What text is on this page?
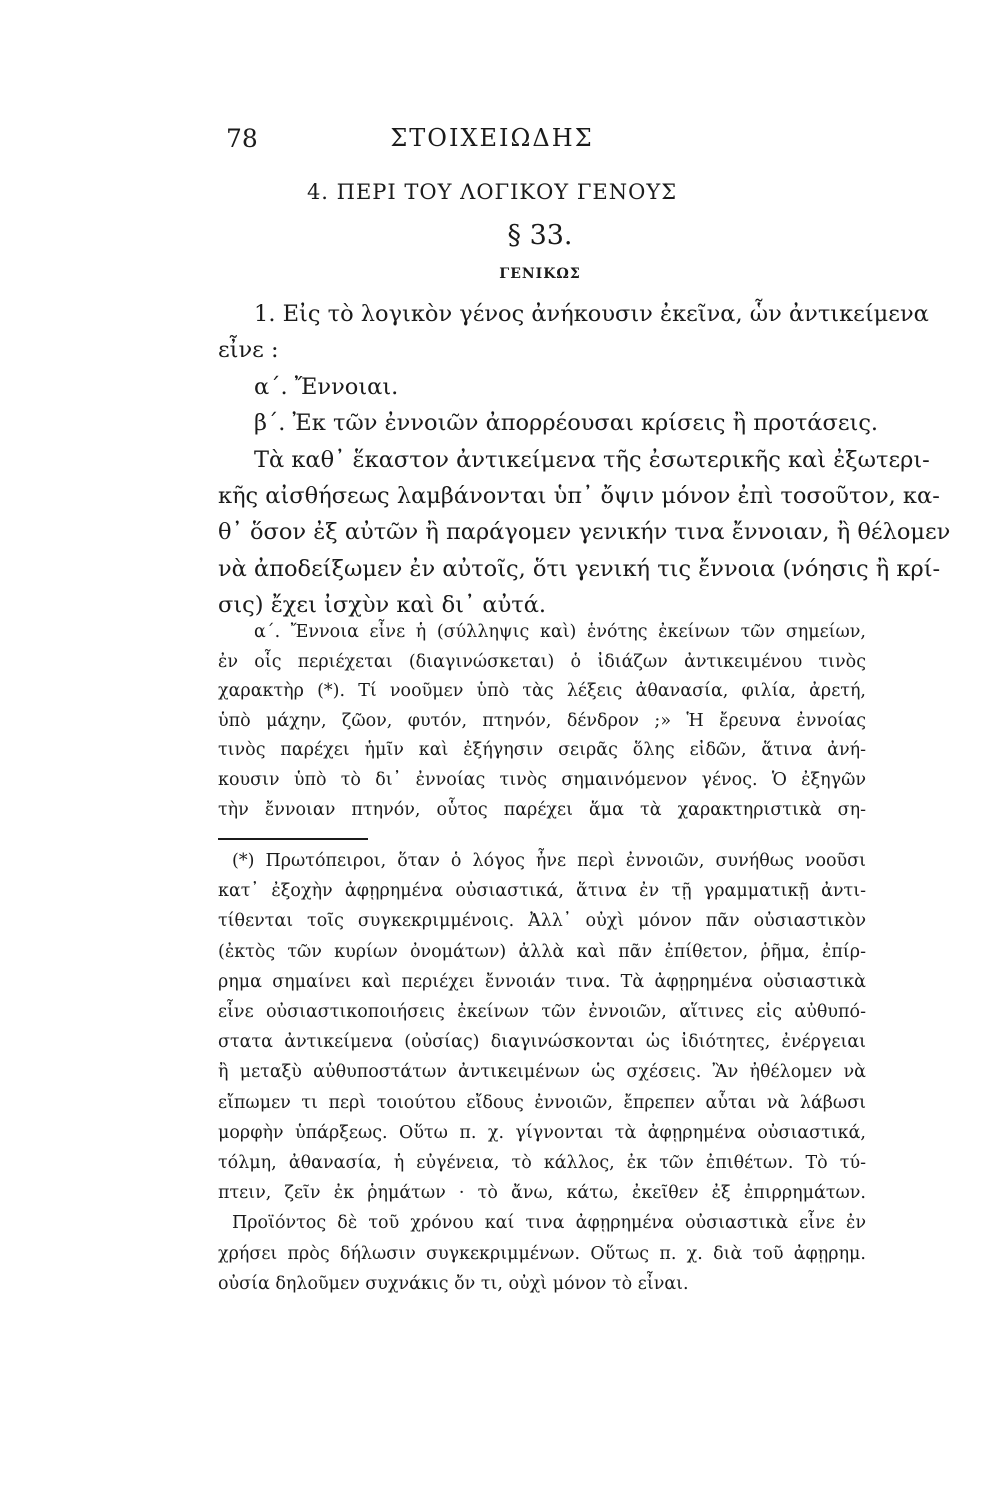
ΣΤΟΙΧΕΙΩΔΗΣ
78
4. ΠΕΡΙ ΤΟΥ ΛΟΓΙΚΟΥ ΓΕΝΟΥΣ
§ 33.
ΓΕΝΙΚΩΣ
1. Εἰς τὸ λογικὸν γένος ἀνήκουσιν ἐκεῖνα, ὧν ἀντικείμενα
εἶνε :
α΄. Ἔννοιαι.
β΄. Ἐκ τῶν ἐννοιῶν ἀπορρέουσαι κρίσεις ἢ προτάσεις.
Τὰ καθ᾽ ἕκαστον ἀντικείμενα τῆς ἐσωτερικῆς καὶ ἐξωτερι-
κῆς αἰσθήσεως λαμβάνονται ὑπ᾽ ὄψιν μόνον ἐπὶ τοσοῦτον, κα-
θ᾽ ὅσον ἐξ αὐτῶν ἢ παράγομεν γενικήν τινα ἔννοιαν, ἢ θέλομεν
νὰ ἀποδείξωμεν ἐν αὐτοῖς, ὅτι γενική τις ἔννοια (νόησις ἢ κρί-
σις) ἔχει ἰσχὺν καὶ δι᾽ αὐτά.
α΄. Ἔννοια εἶνε ἡ (σύλληψις καὶ) ἑνότης ἐκείνων τῶν σημείων,
ἐν οἷς περιέχεται (διαγινώσκεται) ὁ ἰδιάζων ἀντικειμένου τινὸς
χαρακτὴρ (*). Τί νοοῦμεν ὑπὸ τὰς λέξεις ἀθανασία, φιλία, ἀρετή,
ὑπὸ μάχην, ζῶον, φυτόν, πτηνόν, δένδρον ;» Ἡ ἔρευνα ἐννοίας
τινὸς παρέχει ἡμῖν καὶ ἐξήγησιν σειρᾶς ὅλης εἰδῶν, ἅτινα ἀνή-
κουσιν ὑπὸ τὸ δι᾽ ἐννοίας τινὸς σημαινόμενον γένος. Ὁ ἐξηγῶν
τὴν ἔννοιαν πτηνόν, οὗτος παρέχει ἅμα τὰ χαρακτηριστικὰ ση-
(*) Πρωτόπειροι, ὅταν ὁ λόγος ἦνε περὶ ἐννοιῶν, συνήθως νοοῦσι
κατ᾽ ἐξοχὴν ἀφῃρημένα οὐσιαστικά, ἅτινα ἐν τῇ γραμματικῇ ἀντι-
τίθενται τοῖς συγκεκριμμένοις. Ἀλλ᾽ οὐχὶ μόνον πᾶν οὐσιαστικὸν
(ἐκτὸς τῶν κυρίων ὀνομάτων) ἀλλὰ καὶ πᾶν ἐπίθετον, ῥῆμα, ἐπίρ-
ρημα σημαίνει καὶ περιέχει ἔννοιάν τινα. Τὰ ἀφῃρημένα οὐσιαστικὰ
εἶνε οὐσιαστικοποιήσεις ἐκείνων τῶν ἐννοιῶν, αἵτινες εἰς αὐθυπό-
στατα ἀντικείμενα (οὐσίας) διαγινώσκονται ὡς ἰδιότητες, ἐνέργειαι
ἢ μεταξὺ αὐθυποστάτων ἀντικειμένων ὡς σχέσεις. Ἂν ἠθέλομεν νὰ
εἴπωμεν τι περὶ τοιούτου εἴδους ἐννοιῶν, ἔπρεπεν αὗται νὰ λάβωσι
μορφὴν ὑπάρξεως. Οὕτω π. χ. γίγνονται τὰ ἀφῃρημένα οὐσιαστικά,
τόλμη, ἀθανασία, ἡ εὐγένεια, τὸ κάλλος, ἐκ τῶν ἐπιθέτων. Τὸ τύ-
πτειν, ζεῖν ἐκ ῥημάτων · τὸ ἄνω, κάτω, ἐκεῖθεν ἐξ ἐπιρρημάτων.
Προϊόντος δὲ τοῦ χρόνου καί τινα ἀφῃρημένα οὐσιαστικὰ εἶνε ἐν
χρήσει πρὸς δήλωσιν συγκεκριμμένων. Οὕτως π. χ. διὰ τοῦ ἀφῃρημ.
οὐσία δηλοῦμεν συχνάκις ὄν τι, οὐχὶ μόνον τὸ εἶναι.
